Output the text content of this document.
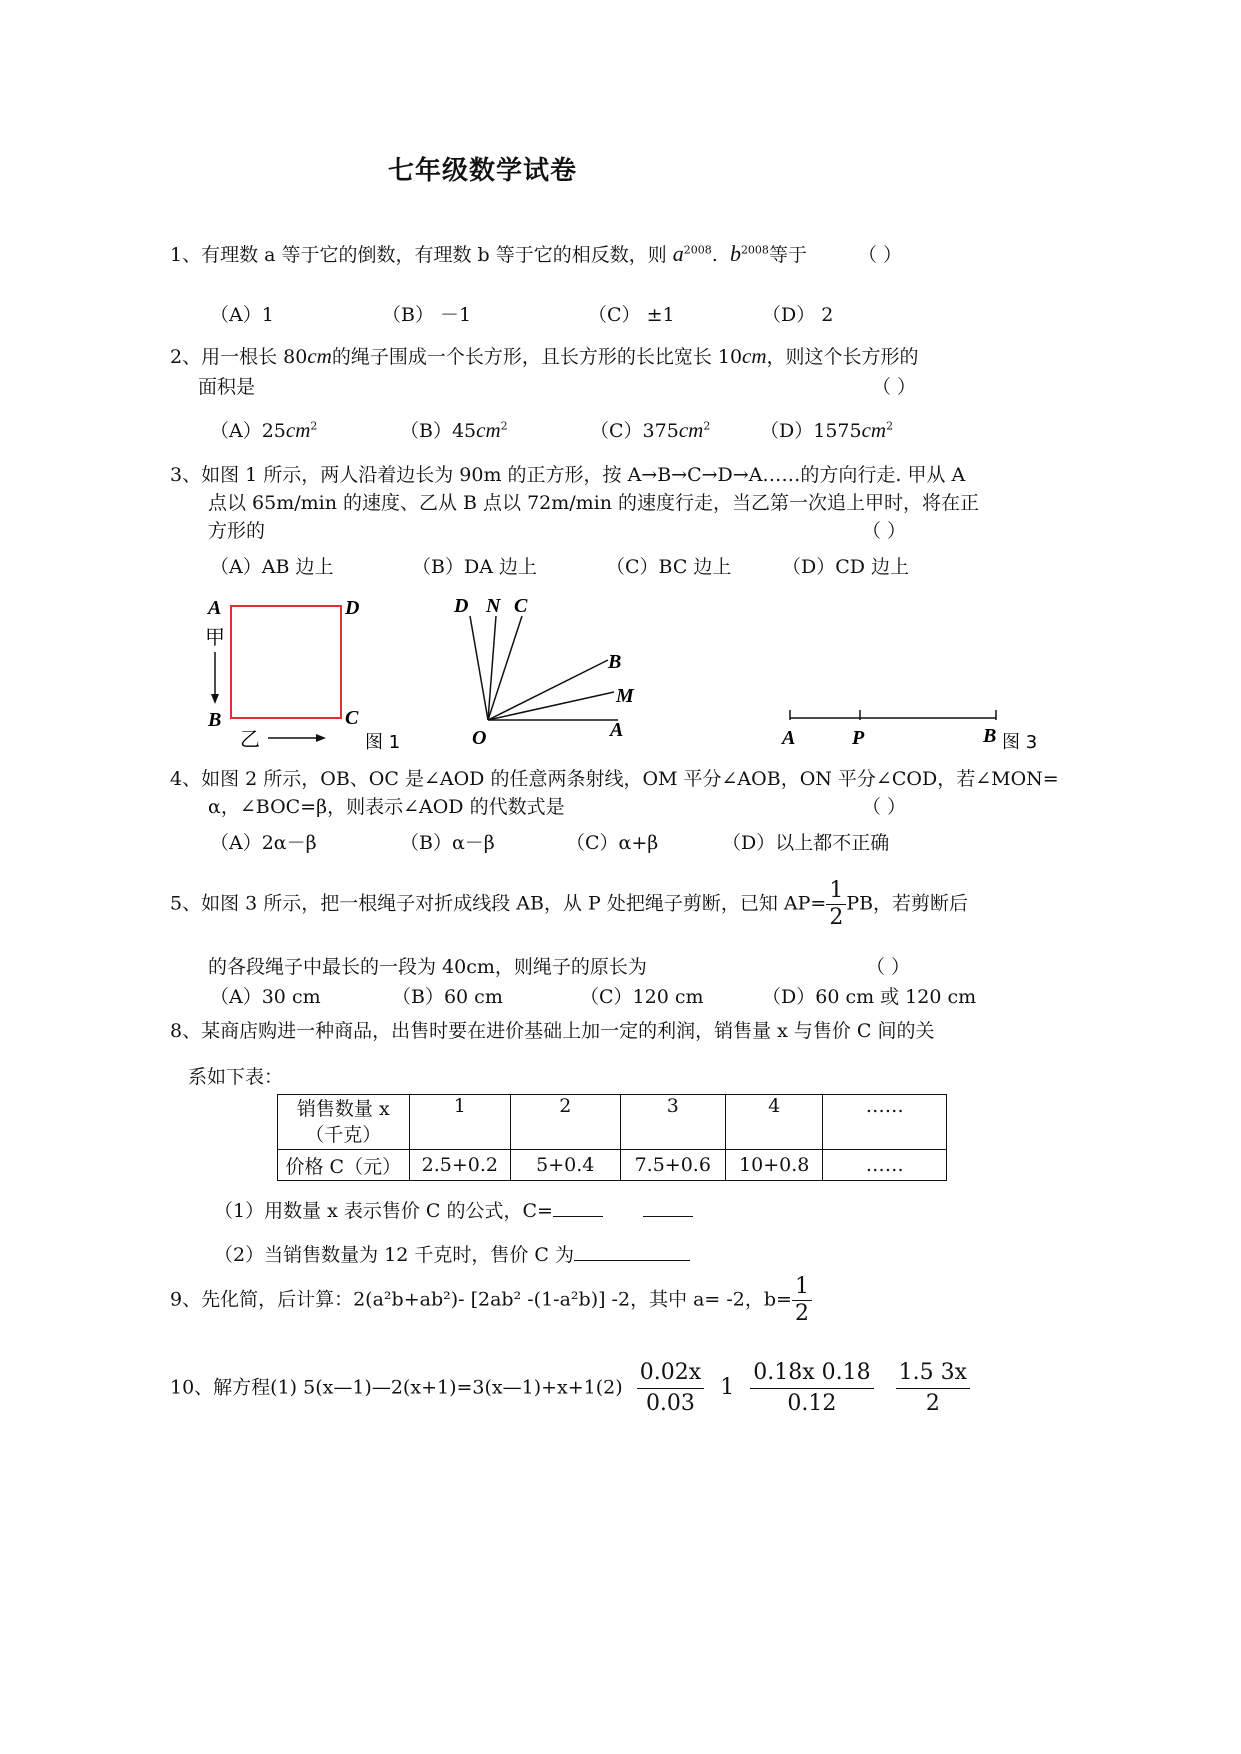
七年级数学试卷
1、有理数 a 等于它的倒数，有理数 b 等于它的相反数，则 $a^{2008}$. $b^{2008}$等于	（ ）
（A）1	（B） －1	（C） ±1	（D） 2
2、用一根长 80cm的绳子围成一个长方形，且长方形的长比宽长 10cm，则这个长方形的
面积是	（ ）
$(A)25cm^2$	$(B)45cm^2$	$(C)375cm^2$	$(D)1575cm^2$
3、如图 1 所示，两人沿着边长为 90m 的正方形，按 A→B→C→D→A……的方向行走. 甲从 A
点以 65m/min 的速度、乙从 B 点以 72m/min 的速度行走，当乙第一次追上甲时，将在正
方形的	（ ）
（A）AB 边上	（B）DA 边上	（C）BC 边上	（D）CD 边上
A	D
B	C
甲
乙	图 1
D N C
B
M
O	A	A	P	B 图 3
4、如图 2 所示，OB、OC 是∠AOD 的任意两条射线，OM 平分∠AOB，ON 平分∠COD，若∠MON=
α，∠BOC=β，则表示∠AOD 的代数式是	（ ）
（A）2α－β	（B）α－β	（C）α+β	（D）以上都不正确
5、如图 3 所示，把一根绳子对折成线段 AB，从 P 处把绳子剪断，已知 $AP= \frac{1}{2}$ PB，若剪断后
的各段绳子中最长的一段为 40cm，则绳子的原长为	（ ）
（A）30 cm	（B）60 cm	（C）120 cm	（D）60 cm 或 120 cm
8、某商店购进一种商品，出售时要在进价基础上加一定的利润，销售量 x 与售价 C 间的关
系如下表：
销售数量 x
（千克）	1	2	3	4	……
价格 C（元）	2.5+0.2	5+0.4	7.5+0.6	10+0.8	……
（1）用数量 x 表示售价 C 的公式，C=
（2）当销售数量为 12 千克时，售价 C 为
9、先化简，后计算：2(a²b+ab²)- [2ab² -(1-a²b)] -2，其中 a= -2，$b= \frac{1}{2}$
10、解方程(1) 5(x—1)—2(x+1)=3(x—1)+x+1(2) $\frac{0.02x}{0.03} 1 \frac{0.18x 0.18}{0.12}$
$\frac{1.5 3x}{2}$
